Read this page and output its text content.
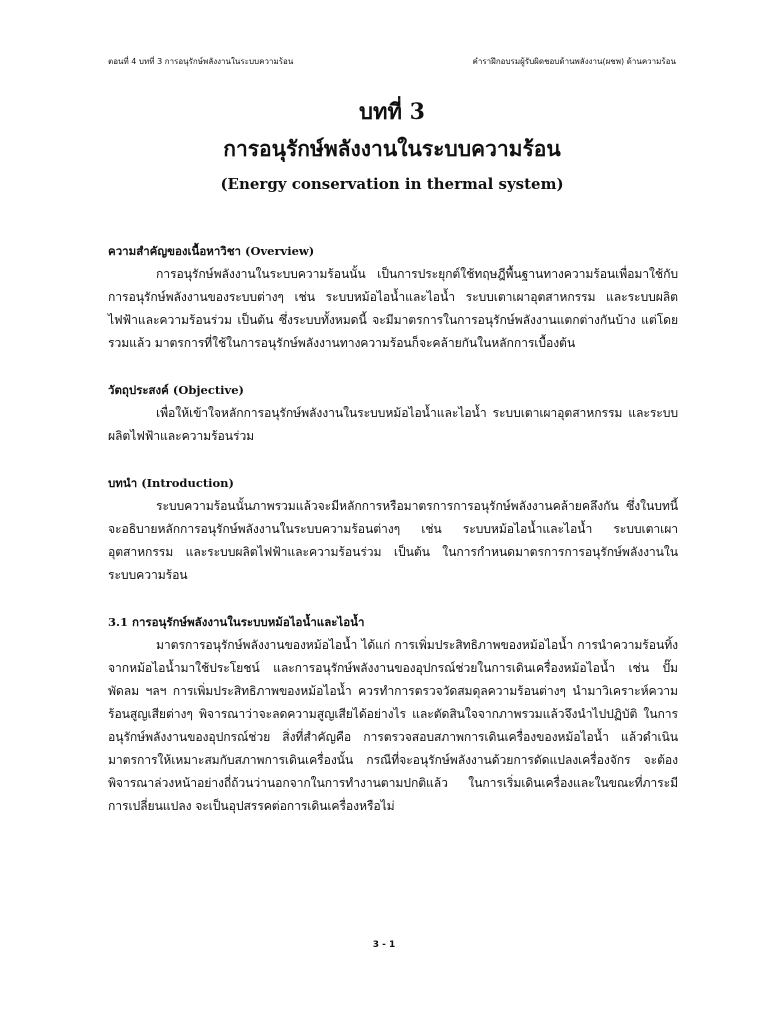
ตอนที่ 4 บทที่ 3 การอนุรักษ์พลังงานในระบบความร้อน	คำราฝึกอบรมผู้รับผิดชอบด้านพลังงาน(ผชพ) ด้านความร้อน

บทที่ 3

การอนุรักษ์พลังงานในระบบความร้อน

(Energy conservation in thermal system)

ความสำคัญของเนื้อหาวิชา (Overview)

การอนุรักษ์พลังงานในระบบความร้อนนั้น เป็นการประยุกต์ใช้ทฤษฎีพื้นฐานทางความร้อนเพื่อมาใช้กับการอนุรักษ์พลังงานของระบบต่างๆ เช่น ระบบหม้อไอน้ำและไอน้ำ ระบบเตาเผาอุตสาหกรรม และระบบผลิตไฟฟ้าและความร้อนร่วม เป็นต้น ซึ่งระบบทั้งหมดนี้ จะมีมาตรการในการอนุรักษ์พลังงานแตกต่างกันบ้าง แต่โดยรวมแล้ว มาตรการที่ใช้ในการอนุรักษ์พลังงานทางความร้อนก็จะคล้ายกันในหลักการเบื้องต้น

วัตถุประสงค์ (Objective)

เพื่อให้เข้าใจหลักการอนุรักษ์พลังงานในระบบหม้อไอน้ำและไอน้ำ ระบบเตาเผาอุตสาหกรรม และระบบผลิตไฟฟ้าและความร้อนร่วม

บทนำ (Introduction)

ระบบความร้อนนั้นภาพรวมแล้วจะมีหลักการหรือมาตรการการอนุรักษ์พลังงานคล้ายคลึงกัน ซึ่งในบทนี้จะอธิบายหลักการอนุรักษ์พลังงานในระบบความร้อนต่างๆ เช่น ระบบหม้อไอน้ำและไอน้ำ ระบบเตาเผาอุตสาหกรรม และระบบผลิตไฟฟ้าและความร้อนร่วม เป็นต้น ในการกำหนดมาตรการการอนุรักษ์พลังงานในระบบความร้อน

3.1 การอนุรักษ์พลังงานในระบบหม้อไอน้ำและไอน้ำ

มาตรการอนุรักษ์พลังงานของหม้อไอน้ำ ได้แก่ การเพิ่มประสิทธิภาพของหม้อไอน้ำ การนำความร้อนทิ้งจากหม้อไอน้ำมาใช้ประโยชน์ และการอนุรักษ์พลังงานของอุปกรณ์ช่วยในการเดินเครื่องหม้อไอน้ำ เช่น ปั๊ม พัดลม ฯลฯ การเพิ่มประสิทธิภาพของหม้อไอน้ำ ควรทำการตรวจวัดสมดุลความร้อนต่างๆ นำมาวิเคราะห์ความร้อนสูญเสียต่างๆ พิจารณาว่าจะลดความสูญเสียได้อย่างไร และตัดสินใจจากภาพรวมแล้วจึงนำไปปฏิบัติ ในการอนุรักษ์พลังงานของอุปกรณ์ช่วย สิ่งที่สำคัญคือ การตรวจสอบสภาพการเดินเครื่องของหม้อไอน้ำ แล้วดำเนินมาตรการให้เหมาะสมกับสภาพการเดินเครื่องนั้น กรณีที่จะอนุรักษ์พลังงานด้วยการดัดแปลงเครื่องจักร จะต้องพิจารณาล่วงหน้าอย่างถี่ถ้วนว่านอกจากในการทำงานตามปกติแล้ว ในการเริ่มเดินเครื่องและในขณะที่ภาระมีการเปลี่ยนแปลง จะเป็นอุปสรรคต่อการเดินเครื่องหรือไม่

3 - 1
